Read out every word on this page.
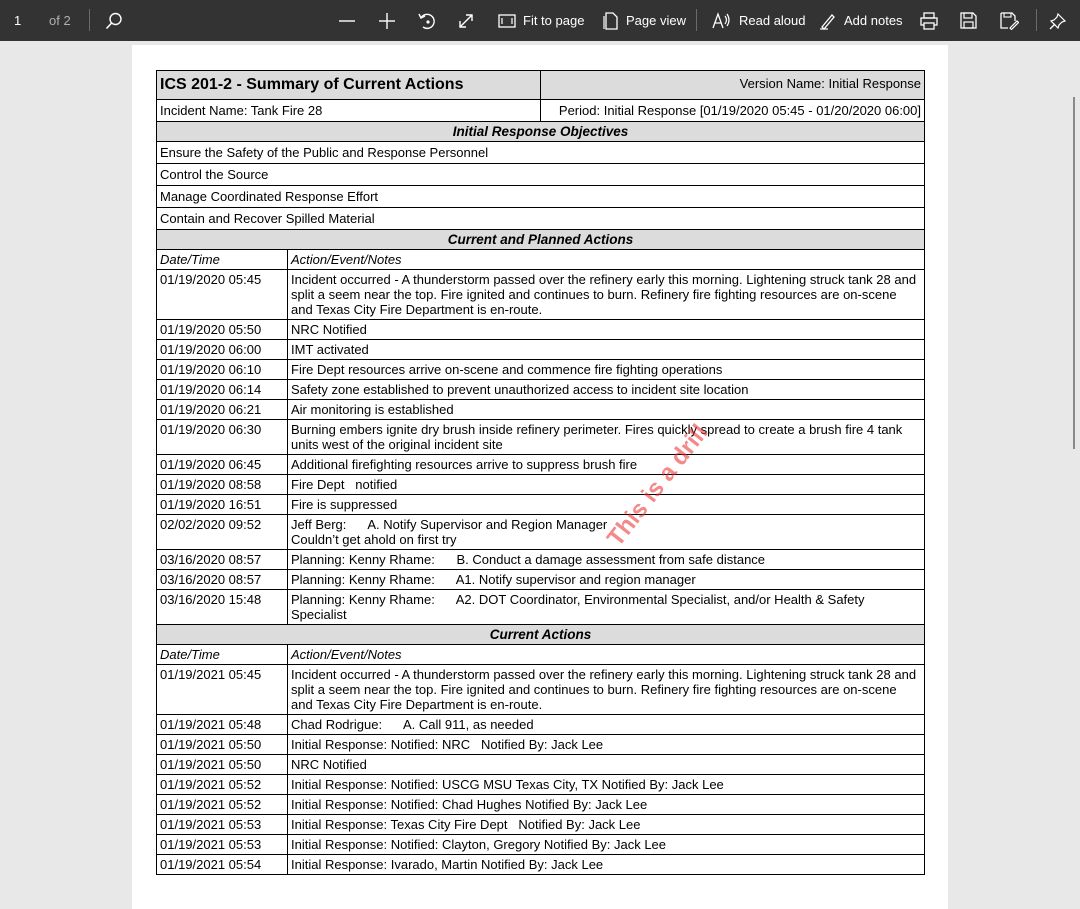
1	of 2	Fit to page	Page view	Read aloud	Add notes
ICS 201-2 - Summary of Current Actions		Version Name: Initial Response
Incident Name: Tank Fire 28		Period: Initial Response [01/19/2020 05:45 - 01/20/2020 06:00]
Initial Response Objectives		
Ensure the Safety of the Public and Response Personnel		
Control the Source		
Manage Coordinated Response Effort		
Contain and Recover Spilled Material		
Current and Planned Actions		
Date/Time	Action/Event/Notes	
01/19/2020 05:45	Incident occurred - A thunderstorm passed over the refinery early this morning. Lightening struck tank 28 and split a seem near the top. Fire ignited and continues to burn. Refinery fire fighting resources are on-scene and Texas City Fire Department is en-route.	
01/19/2020 05:50	NRC Notified	
01/19/2020 06:00	IMT activated	
01/19/2020 06:10	Fire Dept resources arrive on-scene and commence fire fighting operations	
01/19/2020 06:14	Safety zone established to prevent unauthorized access to incident site location	
01/19/2020 06:21	Air monitoring is established	
01/19/2020 06:30	Burning embers ignite dry brush inside refinery perimeter. Fires quickly spread to create a brush fire 4 tank units west of the original incident site	
01/19/2020 06:45	Additional firefighting resources arrive to suppress brush fire	
01/19/2020 08:58	Fire Dept   notified	
01/19/2020 16:51	Fire is suppressed	
02/02/2020 09:52	Jeff Berg:      A. Notify Supervisor and Region Manager
Couldn’t get ahold on first try	
03/16/2020 08:57	Planning: Kenny Rhame:      B. Conduct a damage assessment from safe distance	
03/16/2020 08:57	Planning: Kenny Rhame:      A1. Notify supervisor and region manager	
03/16/2020 15:48	Planning: Kenny Rhame:      A2. DOT Coordinator, Environmental Specialist, and/or Health & Safety Specialist	
Current Actions		
Date/Time	Action/Event/Notes	
01/19/2021 05:45	Incident occurred - A thunderstorm passed over the refinery early this morning. Lightening struck tank 28 and split a seem near the top. Fire ignited and continues to burn. Refinery fire fighting resources are on-scene and Texas City Fire Department is en-route.	
01/19/2021 05:48	Chad Rodrigue:      A. Call 911, as needed	
01/19/2021 05:50	Initial Response: Notified: NRC   Notified By: Jack Lee	
01/19/2021 05:50	NRC Notified	
01/19/2021 05:52	Initial Response: Notified: USCG MSU Texas City, TX Notified By: Jack Lee	
01/19/2021 05:52	Initial Response: Notified: Chad Hughes Notified By: Jack Lee	
01/19/2021 05:53	Initial Response: Texas City Fire Dept   Notified By: Jack Lee	
01/19/2021 05:53	Initial Response: Notified: Clayton, Gregory Notified By: Jack Lee	
01/19/2021 05:54	Initial Response: Ivarado, Martin Notified By: Jack Lee	
This is a drill
